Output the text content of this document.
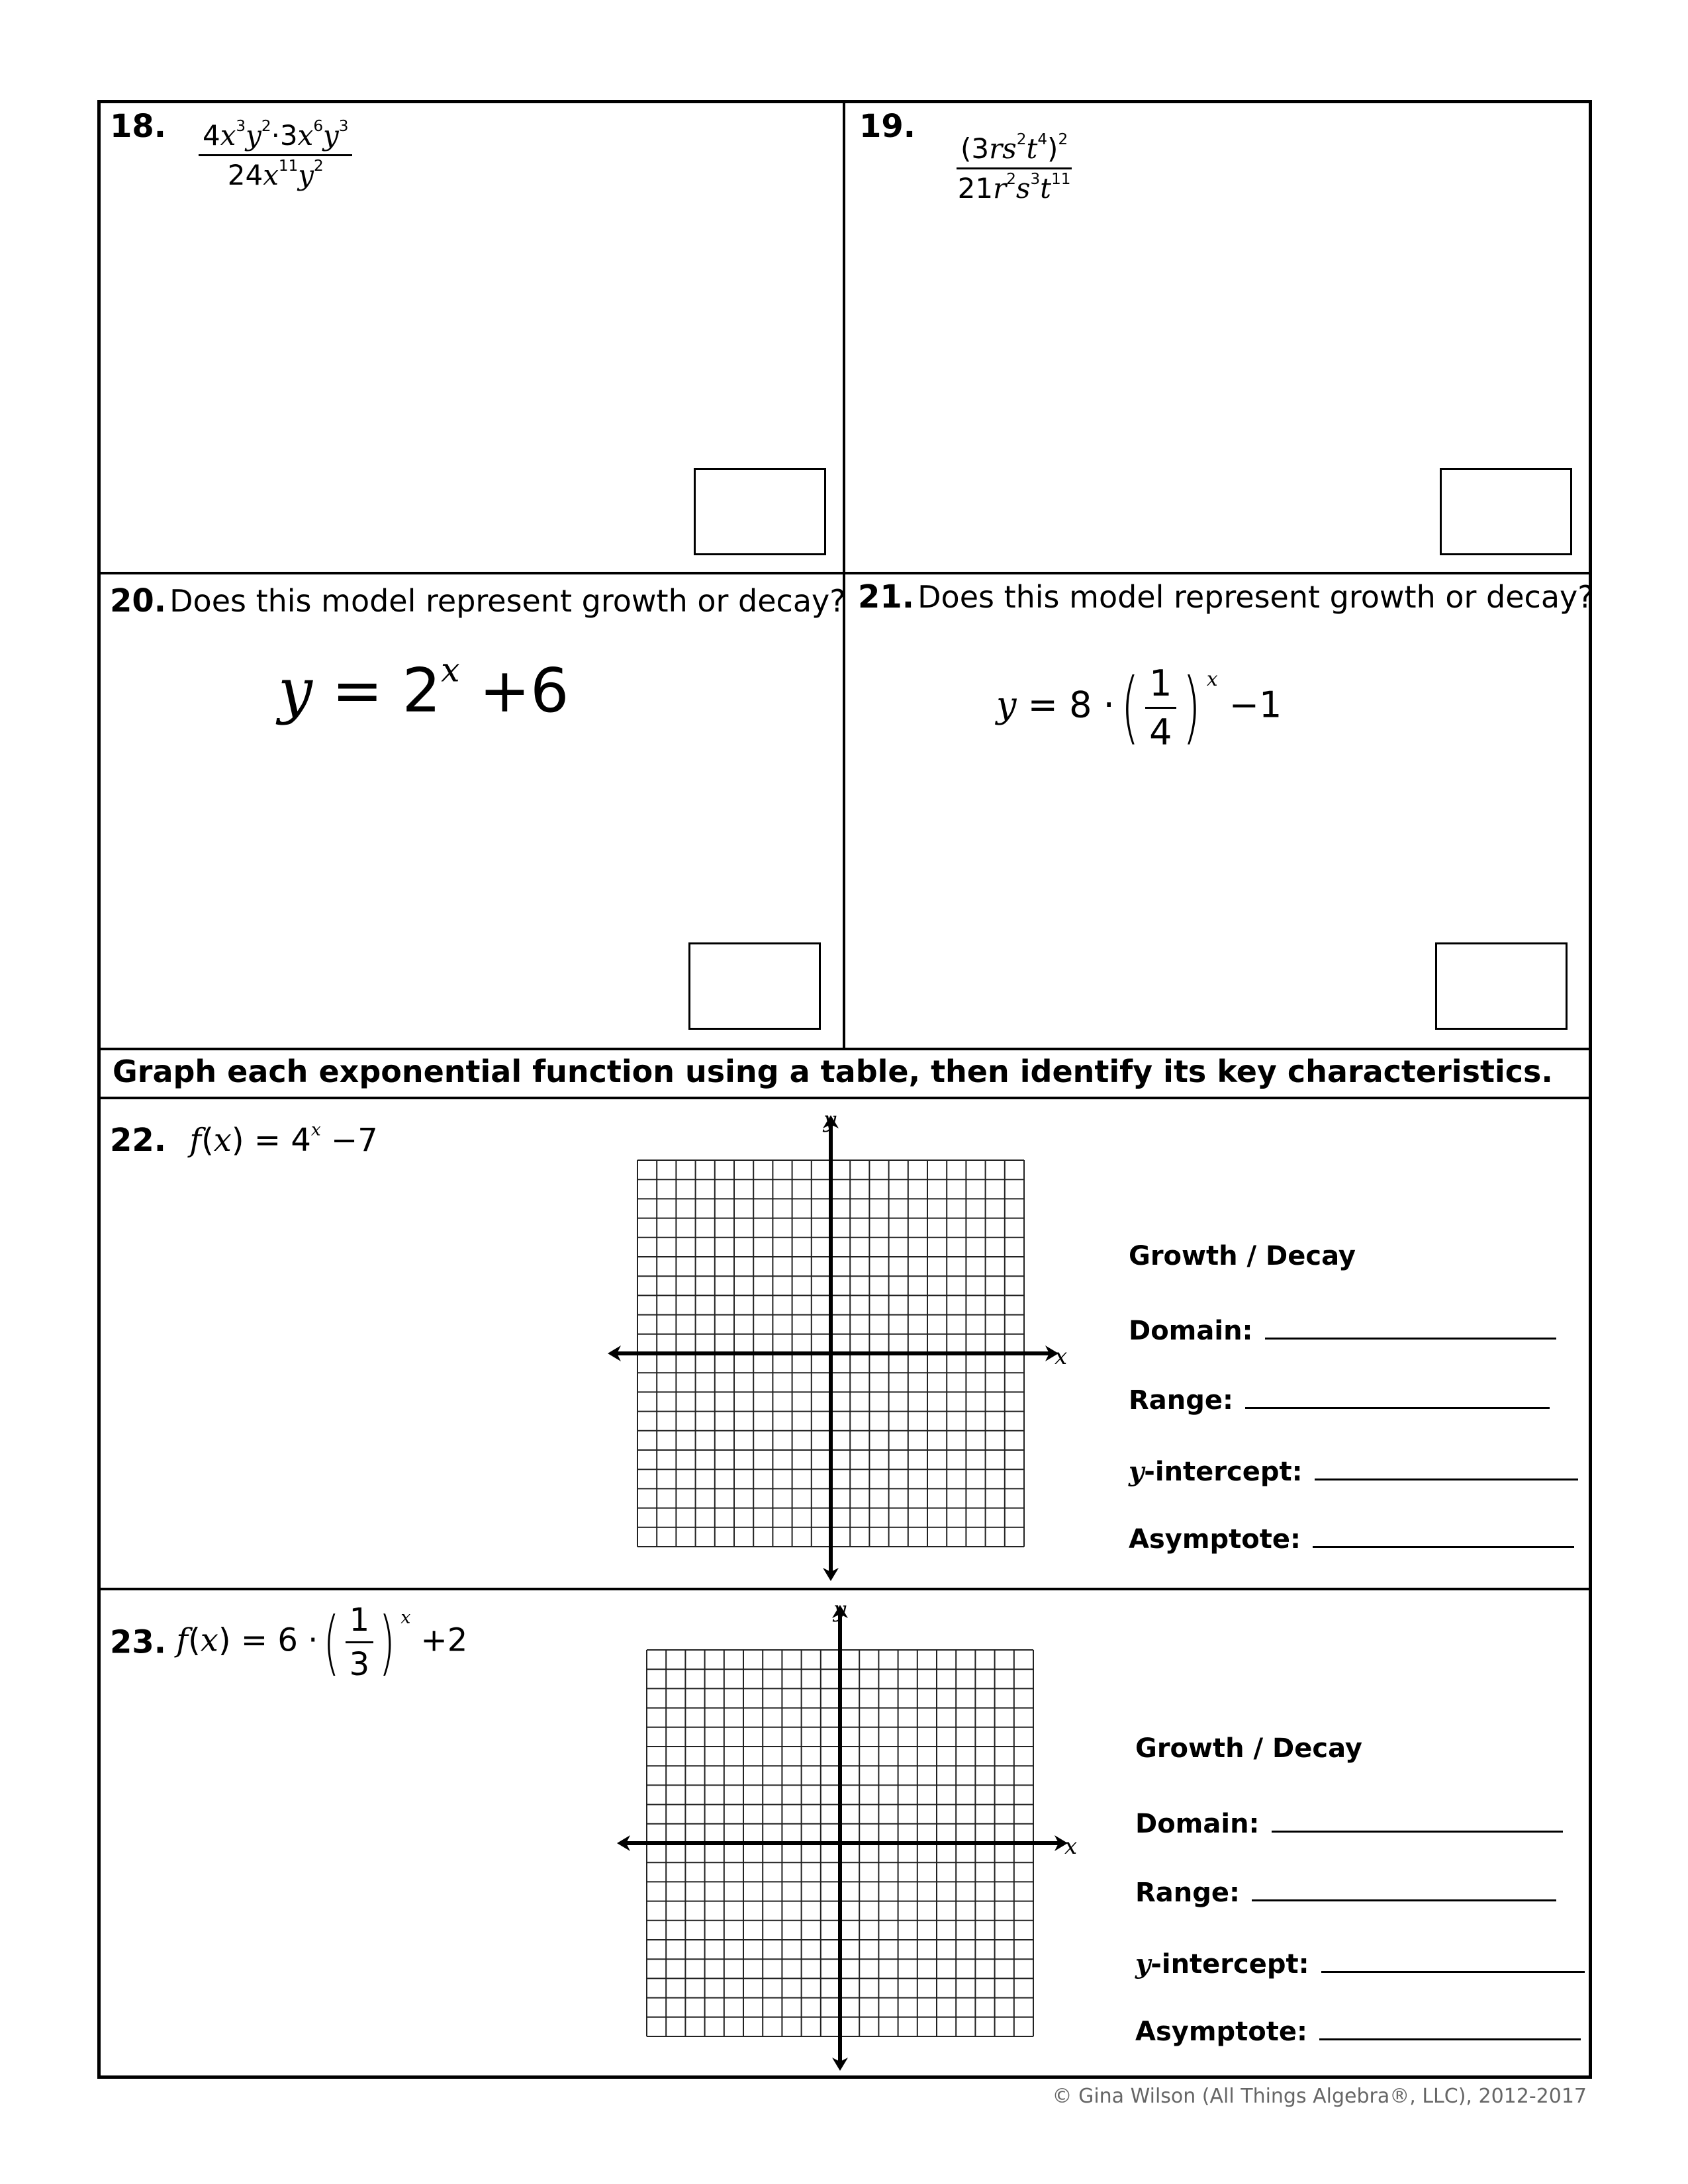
18. $\frac{4x^3y^2\cdot 3x^6y^3}{24x^{11}y^2}$	19.
$\frac{(3rs^2t^4)^2}{21r^2s^3t^{11}}$
20. Does this model represent growth or decay?
$y = 2^x +6$
21. Does this model represent growth or decay?
y = 8 ·( $\frac{1}{4}$ ) $^x$ −1
Graph each exponential function using a table, then identify its key characteristics.
22. $f(x) = 4^x -7$
y
x
Growth / Decay
Domain:
Range:
y-intercept:
Asymptote:
23. f(x) = 6 ·( $\frac{1}{3}$ ) $^x$ +2
y
x
Growth / Decay
Domain:
Range:
y-intercept:
Asymptote:
© Gina Wilson (All Things Algebra®, LLC), 2012-2017
